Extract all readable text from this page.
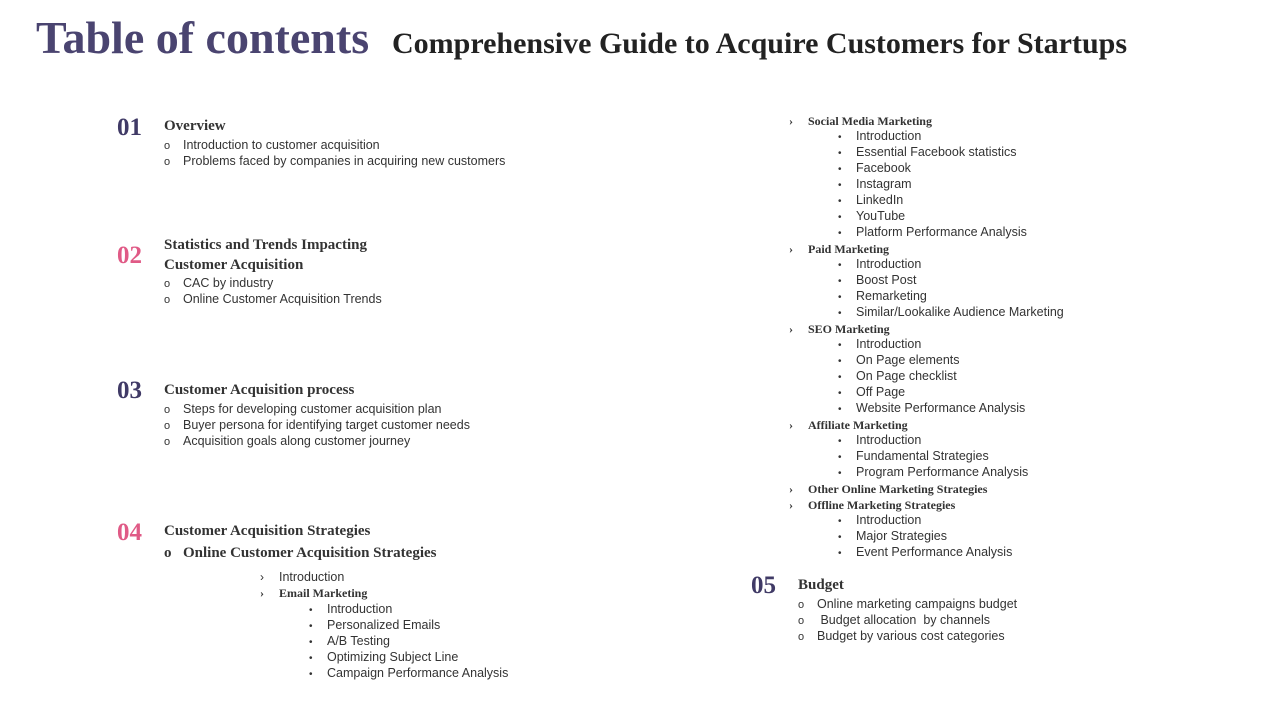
Table of contents Comprehensive Guide to Acquire Customers for Startups
01 Overview
o Introduction to customer acquisition
o Problems faced by companies in acquiring new customers
02 Statistics and Trends Impacting
Customer Acquisition
o CAC by industry
o Online Customer Acquisition Trends
03 Customer Acquisition process
o Steps for developing customer acquisition plan
o Buyer persona for identifying target customer needs
o Acquisition goals along customer journey
04 Customer Acquisition Strategies
o Online Customer Acquisition Strategies
› Introduction
› Email Marketing
• Introduction
• Personalized Emails
• A/B Testing
• Optimizing Subject Line
• Campaign Performance Analysis
› Social Media Marketing
• Introduction
• Essential Facebook statistics
• Facebook
• Instagram
• LinkedIn
• YouTube
• Platform Performance Analysis
› Paid Marketing
• Introduction
• Boost Post
• Remarketing
• Similar/Lookalike Audience Marketing
› SEO Marketing
• Introduction
• On Page elements
• On Page checklist
• Off Page
• Website Performance Analysis
› Affiliate Marketing
• Introduction
• Fundamental Strategies
• Program Performance Analysis
› Other Online Marketing Strategies
› Offline Marketing Strategies
• Introduction
• Major Strategies
• Event Performance Analysis
05 Budget
o Online marketing campaigns budget
o Budget allocation  by channels
o Budget by various cost categories
